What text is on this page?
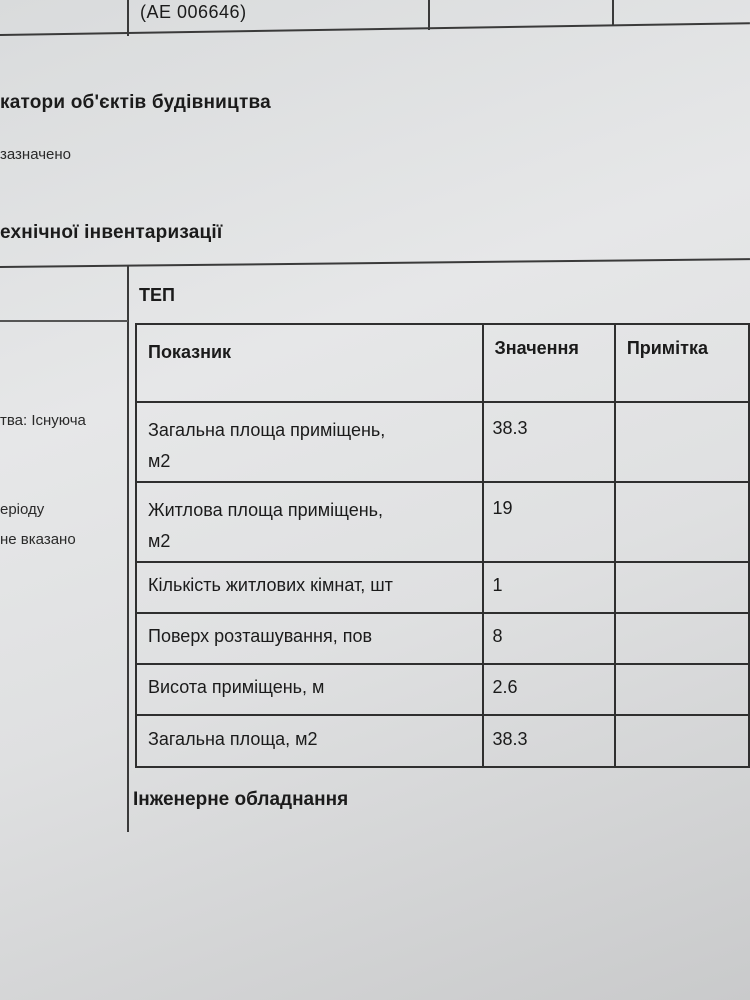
(AE 006646)
катори об'єктів будівництва
зазначено
ехнічної інвентаризації
ТЕП
тва: Існуюча
еріоду
не вказано
Показник	Значення	Примітка

Загальна площа приміщень,
м2	38.3	

Житлова площа приміщень,
м2	19	

Кількість житлових кімнат, шт	1	

Поверх розташування, пов	8	

Висота приміщень, м	2.6	

Загальна площа, м2	38.3	

Інженерне обладнання
